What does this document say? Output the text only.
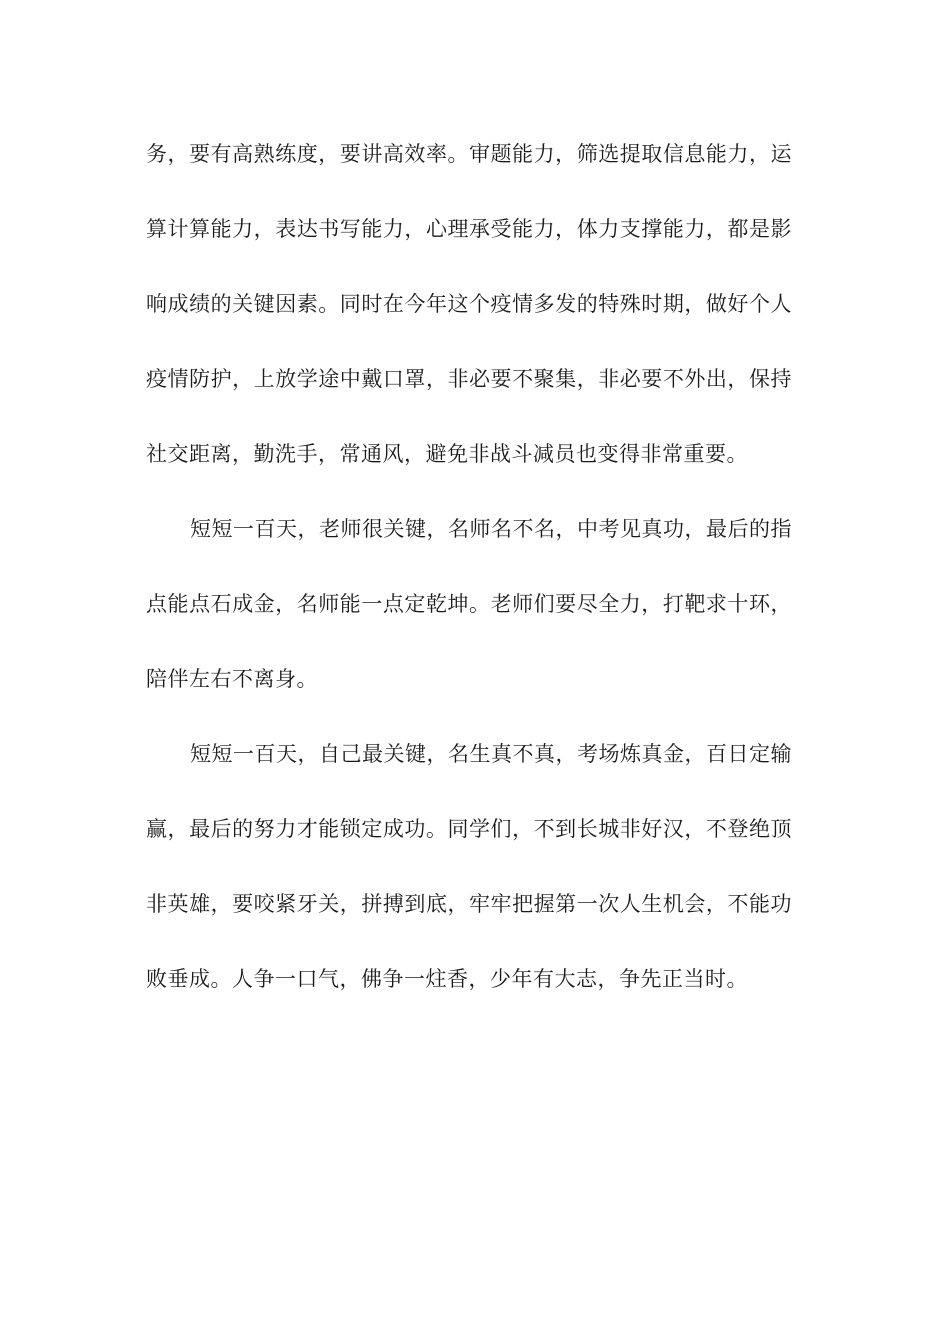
务，要有高熟练度，要讲高效率。审题能力，筛选提取信息能力，运算计算能力，表达书写能力，心理承受能力，体力支撑能力，都是影响成绩的关键因素。同时在今年这个疫情多发的特殊时期，做好个人疫情防护，上放学途中戴口罩，非必要不聚集，非必要不外出，保持社交距离，勤洗手，常通风，避免非战斗减员也变得非常重要。

短短一百天，老师很关键，名师名不名，中考见真功，最后的指点能点石成金，名师能一点定乾坤。老师们要尽全力，打靶求十环，陪伴左右不离身。

短短一百天，自己最关键，名生真不真，考场炼真金，百日定输赢，最后的努力才能锁定成功。同学们，不到长城非好汉，不登绝顶非英雄，要咬紧牙关，拼搏到底，牢牢把握第一次人生机会，不能功败垂成。人争一口气，佛争一炷香，少年有大志，争先正当时。
